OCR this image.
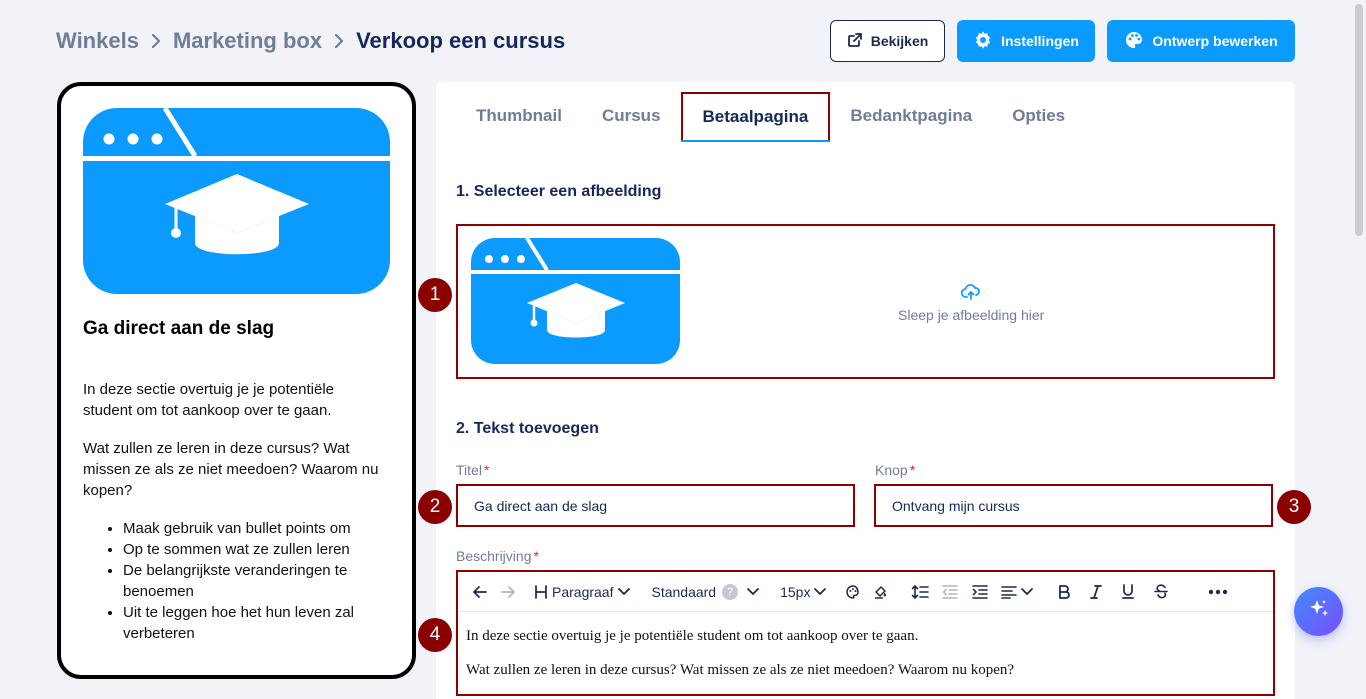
Winkels Marketing box Verkoop een cursus	Bekijken	Instellingen	Ontwerp bewerken
Ga direct aan de slag

In deze sectie overtuig je je potentiële student om tot aankoop over te gaan.

Wat zullen ze leren in deze cursus? Wat missen ze als ze niet meedoen? Waarom nu kopen?

• Maak gebruik van bullet points om
• Op te sommen wat ze zullen leren
• De belangrijkste veranderingen te benoemen
• Uit te leggen hoe het hun leven zal verbeteren
Thumbnail	Cursus	Betaalpagina	Bedanktpagina	Opties
1. Selecteer een afbeelding
Sleep je afbeelding hier
2. Tekst toevoegen
Titel *
Ga direct aan de slag
Knop *
Ontvang mijn cursus
Beschrijving *
Paragraaf	Standaard ?	15px

In deze sectie overtuig je je potentiële student om tot aankoop over te gaan.

Wat zullen ze leren in deze cursus? Wat missen ze als ze niet meedoen? Waarom nu kopen?

1
2	3
4
